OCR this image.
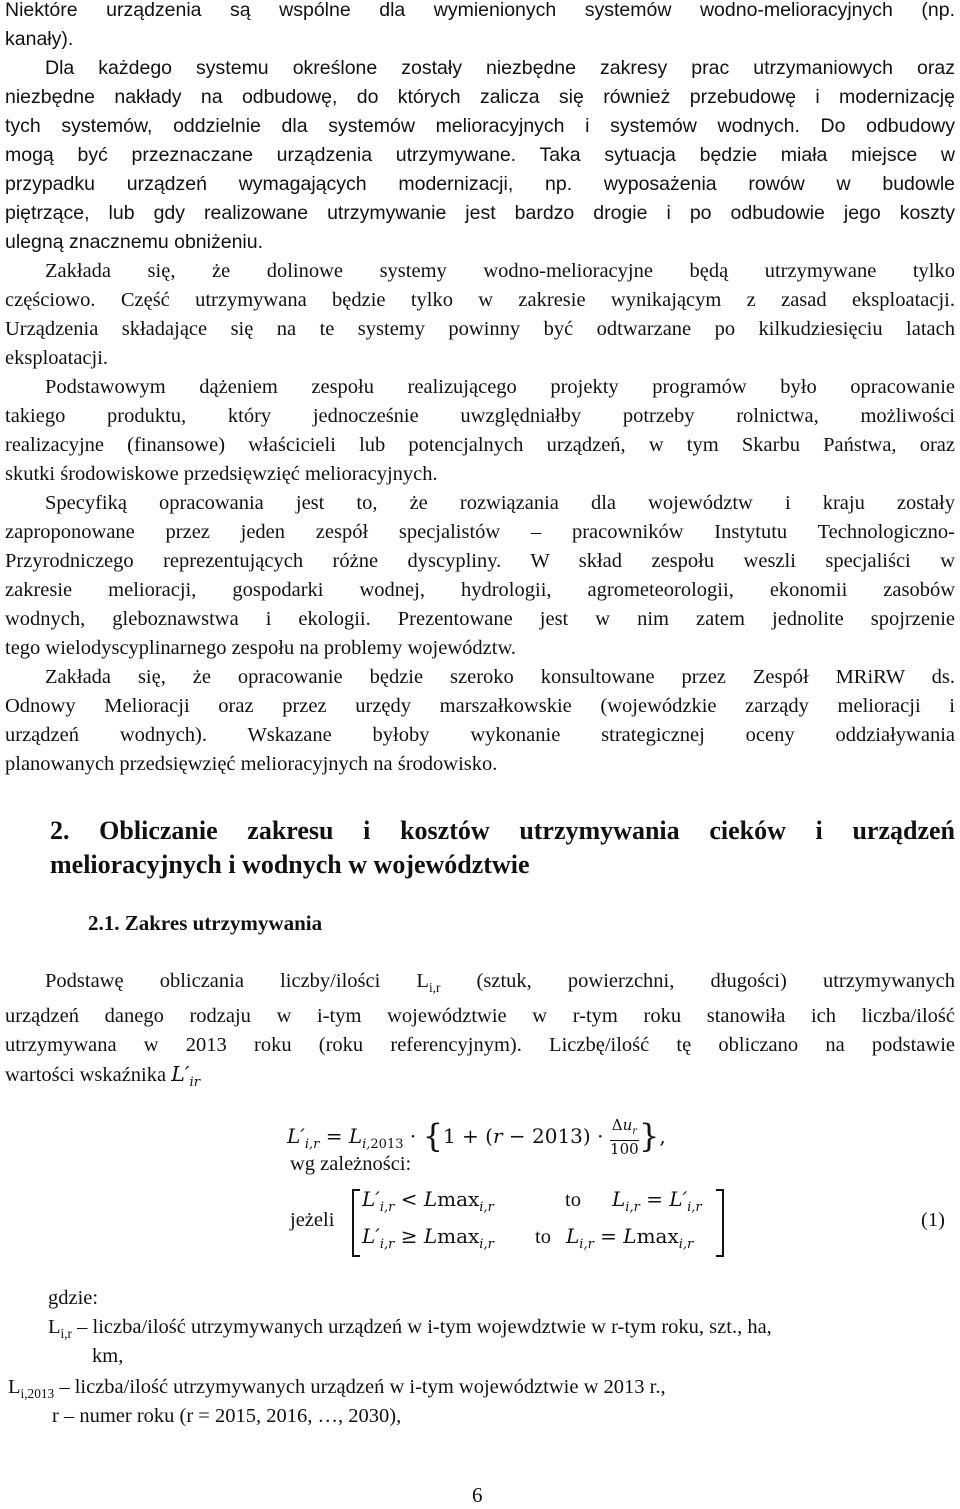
Niektóre urządzenia są wspólne dla wymienionych systemów wodno-melioracyjnych (np.
kanały).
Dla każdego systemu określone zostały niezbędne zakresy prac utrzymaniowych oraz
niezbędne nakłady na odbudowę, do których zalicza się również przebudowę i modernizację
tych systemów, oddzielnie dla systemów melioracyjnych i systemów wodnych. Do odbudowy
mogą być przeznaczane urządzenia utrzymywane. Taka sytuacja będzie miała miejsce w
przypadku urządzeń wymagających modernizacji, np. wyposażenia rowów w budowle
piętrzące, lub gdy realizowane utrzymywanie jest bardzo drogie i po odbudowie jego koszty
ulegną znacznemu obniżeniu.
Zakłada się, że dolinowe systemy wodno-melioracyjne będą utrzymywane tylko
częściowo. Część utrzymywana będzie tylko w zakresie wynikającym z zasad eksploatacji.
Urządzenia składające się na te systemy powinny być odtwarzane po kilkudziesięciu latach
eksploatacji.
Podstawowym dążeniem zespołu realizującego projekty programów było opracowanie
takiego produktu, który jednocześnie uwzględniałby potrzeby rolnictwa, możliwości
realizacyjne (finansowe) właścicieli lub potencjalnych urządzeń, w tym Skarbu Państwa, oraz
skutki środowiskowe przedsięwzięć melioracyjnych.
Specyfiką opracowania jest to, że rozwiązania dla województw i kraju zostały
zaproponowane przez jeden zespół specjalistów – pracowników Instytutu Technologiczno-
Przyrodniczego reprezentujących różne dyscypliny. W skład zespołu weszli specjaliści w
zakresie melioracji, gospodarki wodnej, hydrologii, agrometeorologii, ekonomii zasobów
wodnych, gleboznawstwa i ekologii. Prezentowane jest w nim zatem jednolite spojrzenie
tego wielodyscyplinarnego zespołu na problemy województw.
Zakłada się, że opracowanie będzie szeroko konsultowane przez Zespół MRiRW ds.
Odnowy Melioracji oraz przez urzędy marszałkowskie (wojewódzkie zarządy melioracji i
urządzeń wodnych). Wskazane byłoby wykonanie strategicznej oceny oddziaływania
planowanych przedsięwzięć melioracyjnych na środowisko.
2. Obliczanie zakresu i kosztów utrzymywania cieków i urządzeń
melioracyjnych i wodnych w województwie
2.1. Zakres utrzymywania
Podstawę obliczania liczby/ilości $L_{i,r}$ (sztuk, powierzchni, długości) utrzymywanych
urządzeń danego rodzaju w i-tym województwie w r-tym roku stanowiła ich liczba/ilość
utrzymywana w 2013 roku (roku referencyjnym). Liczbę/ilość tę obliczano na podstawie
wartości wskaźnika $L'_{ir}$
wg zależności:
$L'_{i,r} = L_{i,2013} \cdot \{1 + (r - 2013) \cdot \Delta u_r$
100 },
jeżeli
$L'_{i,r} < Lmax_{i,r}$	to $L_{i,r} = L'_{i,r}$
$L'_{i,r} \ge Lmax_{i,r}$ to $L_{i,r} = Lmax_{i,r}$
(1)
gdzie:
$L_{i,r}$ – liczba/ilość utrzymywanych urządzeń w i-tym wojewdztwie w r-tym roku, szt., ha,
km,
$L_{i,2013}$ – liczba/ilość utrzymywanych urządzeń w i-tym województwie w 2013 r.,
r – numer roku (r = 2015, 2016, …, 2030),
6
